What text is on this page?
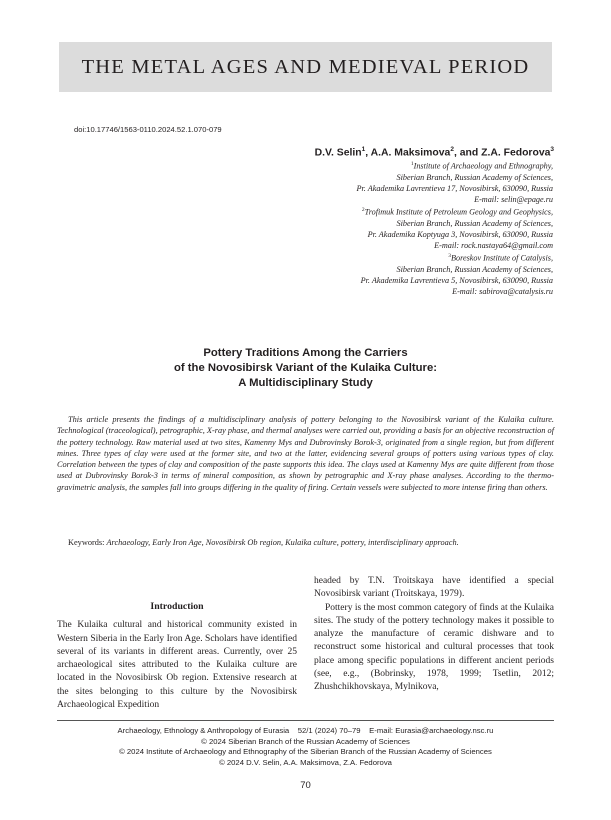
THE METAL AGES AND MEDIEVAL PERIOD
doi:10.17746/1563-0110.2024.52.1.070-079
D.V. Selin$^1$, A.A. Maksimova$^2$, and Z.A. Fedorova$^3$
$^1$Institute of Archaeology and Ethnography,
Siberian Branch, Russian Academy of Sciences,
Pr. Akademika Lavrentieva 17, Novosibirsk, 630090, Russia
E-mail: selin@epage.ru
$^2$Trofimuk Institute of Petroleum Geology and Geophysics,
Siberian Branch, Russian Academy of Sciences,
Pr. Akademika Koptyuga 3, Novosibirsk, 630090, Russia
E-mail: rock.nastaya64@gmail.com
$^3$Boreskov Institute of Catalysis,
Siberian Branch, Russian Academy of Sciences,
Pr. Akademika Lavrentieva 5, Novosibirsk, 630090, Russia
E-mail: sabirova@catalysis.ru
Pottery Traditions Among the Carriers
of the Novosibirsk Variant of the Kulaika Culture:
A Multidisciplinary Study
This article presents the findings of a multidisciplinary analysis of pottery belonging to the Novosibirsk variant of the Kulaika culture. Technological (traceological), petrographic, X-ray phase, and thermal analyses were carried out, providing a basis for an objective reconstruction of the pottery technology. Raw material used at two sites, Kamenny Mys and Dubrovinsky Borok-3, originated from a single region, but from different mines. Three types of clay were used at the former site, and two at the latter, evidencing several groups of potters using various types of clay. Correlation between the types of clay and composition of the paste supports this idea. The clays used at Kamenny Mys are quite different from those used at Dubrovinsky Borok-3 in terms of mineral composition, as shown by petrographic and X-ray phase analyses. According to the thermo-gravimetric analysis, the samples fall into groups differing in the quality of firing. Certain vessels were subjected to more intense firing than others.
Keywords: Archaeology, Early Iron Age, Novosibirsk Ob region, Kulaika culture, pottery, interdisciplinary approach.
Introduction

The Kulaika cultural and historical community existed in Western Siberia in the Early Iron Age. Scholars have identified several of its variants in different areas. Currently, over 25 archaeological sites attributed to the Kulaika culture are located in the Novosibirsk Ob region. Extensive research at the sites belonging to this culture by the Novosibirsk Archaeological Expedition

headed by T.N. Troitskaya have identified a special Novosibirsk variant (Troitskaya, 1979).

Pottery is the most common category of finds at the Kulaika sites. The study of the pottery technology makes it possible to analyze the manufacture of ceramic dishware and to reconstruct some historical and cultural processes that took place among specific populations in different ancient periods (see, e.g., (Bobrinsky, 1978, 1999; Tsetlin, 2012; Zhushchikhovskaya, Mylnikova,

Archaeology, Ethnology & Anthropology of Eurasia 52/1 (2024) 70–79 E-mail: Eurasia@archaeology.nsc.ru
© 2024 Siberian Branch of the Russian Academy of Sciences
© 2024 Institute of Archaeology and Ethnography of the Siberian Branch of the Russian Academy of Sciences
© 2024 D.V. Selin, A.A. Maksimova, Z.A. Fedorova
70
